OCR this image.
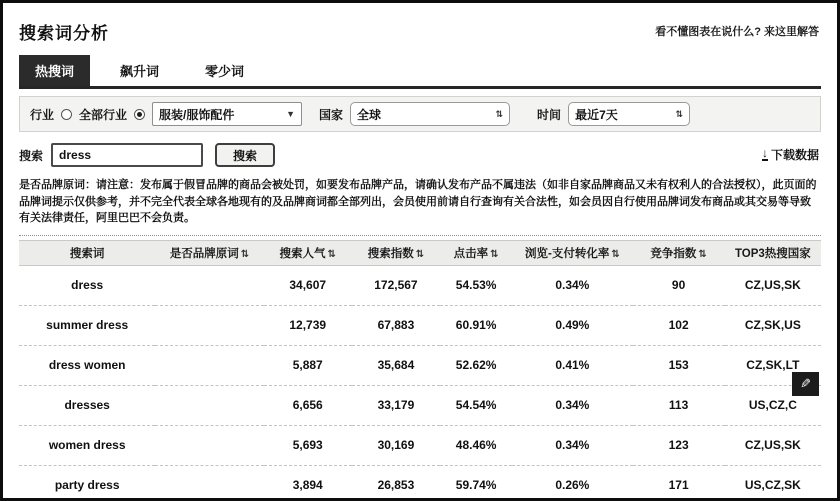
搜索词分析	看不懂图表在说什么? 来这里解答
热搜词	飙升词	零少词
行业 全部行业	服装/服饰配件	▼ 国家 全球	⇅	时间 最近7天	⇅
搜索
dress	搜索	↓ 下载数据
是否品牌原词：请注意：发布属于假冒品牌的商品会被处罚，如要发布品牌产品，请确认发布产品不属违法（如非自家品牌商品又未有权利人的合法授权），此页面的品牌词提示仅供参考，并不完全代表全球各地现有的及品牌商词都全部列出，会员使用前请自行查询有关合法性，如会员因自行使用品牌词发布商品或其交易等导致有关法律责任，阿里巴巴不会负责。
搜索词	是否品牌原词 ⇅	搜索人气 ⇅	搜索指数 ⇅	点击率 ⇅	浏览-支付转化率 ⇅	竞争指数 ⇅	TOP3热搜国家
dress		34,607	172,567	54.53%	0.34%	90	CZ,US,SK
summer dress		12,739	67,883	60.91%	0.49%	102	CZ,SK,US
dress women		5,887	35,684	52.62%	0.41%	153	CZ,SK,LT
dresses		6,656	33,179	54.54%	0.34%	113	US,CZ,C
women dress		5,693	30,169	48.46%	0.34%	123	CZ,US,SK
party dress		3,894	26,853	59.74%	0.26%	171	US,CZ,SK
✎
